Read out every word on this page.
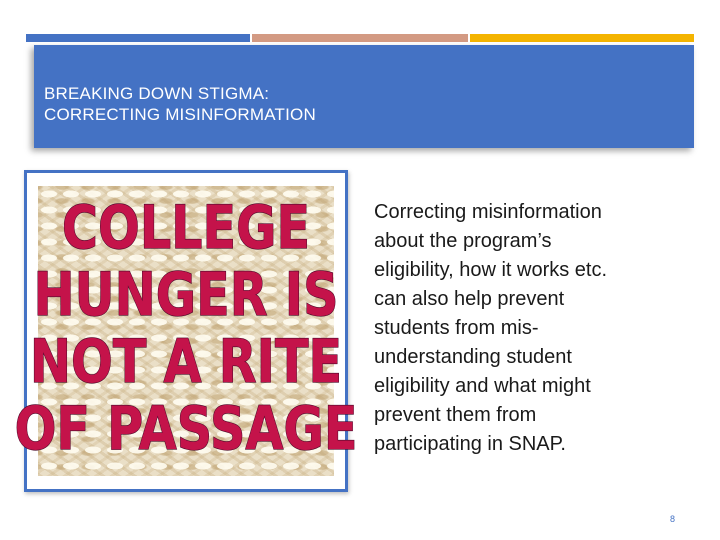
BREAKING DOWN STIGMA:
CORRECTING MISINFORMATION
COLLEGE
HUNGER IS
NOT A RITE
OF PASSAGE
Correcting misinformation
about the program’s
eligibility, how it works etc.
can also help prevent
students from mis-
understanding student
eligibility and what might
prevent them from
participating in SNAP.
8
